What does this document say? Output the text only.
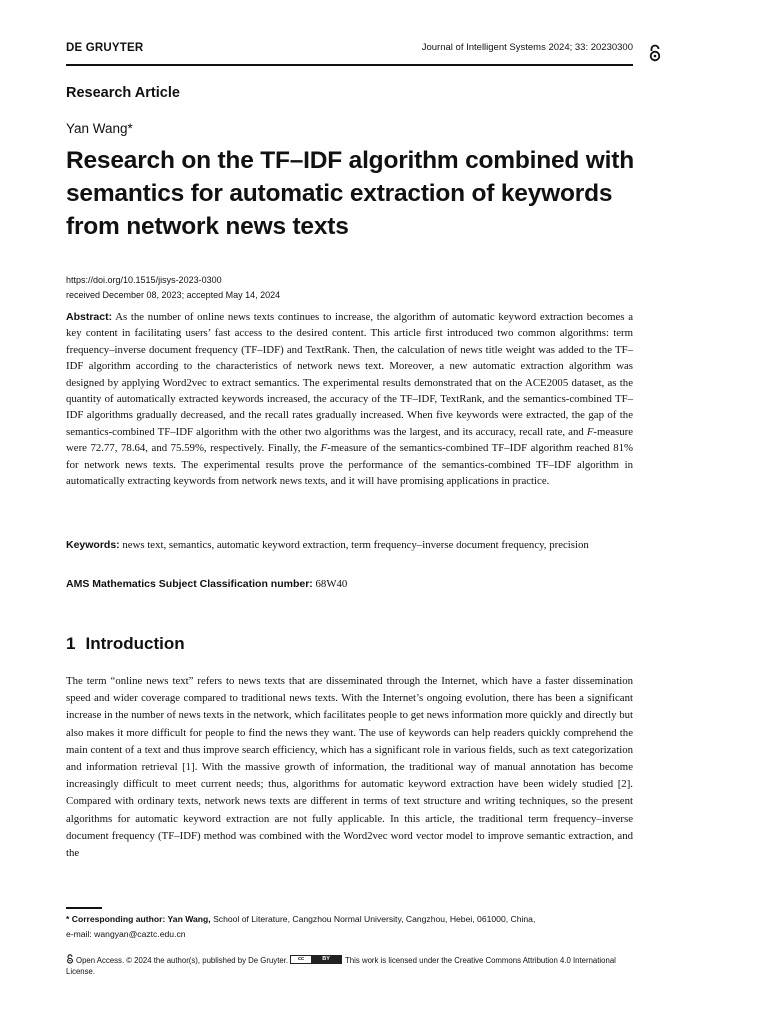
DE GRUYTER	Journal of Intelligent Systems 2024; 33: 20230300
Research Article
Yan Wang*
Research on the TF–IDF algorithm combined with semantics for automatic extraction of keywords from network news texts
https://doi.org/10.1515/jisys-2023-0300
received December 08, 2023; accepted May 14, 2024

Abstract: As the number of online news texts continues to increase, the algorithm of automatic keyword extraction becomes a key content in facilitating users’ fast access to the desired content. This article first introduced two common algorithms: term frequency–inverse document frequency (TF–IDF) and TextRank. Then, the calculation of news title weight was added to the TF–IDF algorithm according to the characteristics of network news text. Moreover, a new automatic extraction algorithm was designed by applying Word2vec to extract semantics. The experimental results demonstrated that on the ACE2005 dataset, as the quantity of automatically extracted keywords increased, the accuracy of the TF–IDF, TextRank, and the semantics-combined TF–IDF algorithms gradually decreased, and the recall rates gradually increased. When five keywords were extracted, the gap of the semantics-combined TF–IDF algorithm with the other two algorithms was the largest, and its accuracy, recall rate, and F-measure were 72.77, 78.64, and 75.59%, respectively. Finally, the F-measure of the semantics-combined TF–IDF algorithm reached 81% for network news texts. The experimental results prove the performance of the semantics-combined TF–IDF algorithm in automatically extracting keywords from network news texts, and it will have promising applications in practice.

Keywords: news text, semantics, automatic keyword extraction, term frequency–inverse document frequency, precision
AMS Mathematics Subject Classification number: 68W40
1 Introduction

The term “online news text” refers to news texts that are disseminated through the Internet, which have a faster dissemination speed and wider coverage compared to traditional news texts. With the Internet’s ongoing evolution, there has been a significant increase in the number of news texts in the network, which facilitates people to get news information more quickly and directly but also makes it more difficult for people to find the news they want. The use of keywords can help readers quickly comprehend the main content of a text and thus improve search efficiency, which has a significant role in various fields, such as text categorization and information retrieval [1]. With the massive growth of information, the traditional way of manual annotation has become increasingly difficult to meet current needs; thus, algorithms for automatic keyword extraction have been widely studied [2]. Compared with ordinary texts, network news texts are different in terms of text structure and writing techniques, so the present algorithms for automatic keyword extraction are not fully applicable. In this article, the traditional term frequency–inverse document frequency (TF–IDF) method was combined with the Word2vec word vector model to improve semantic extraction, and the

* Corresponding author: Yan Wang, School of Literature, Cangzhou Normal University, Cangzhou, Hebei, 061000, China,
e-mail: wangyan@caztc.edu.cn
Open Access. © 2024 the author(s), published by De Gruyter.	cc	BY	This work is licensed under the Creative Commons Attribution 4.0 International License.
